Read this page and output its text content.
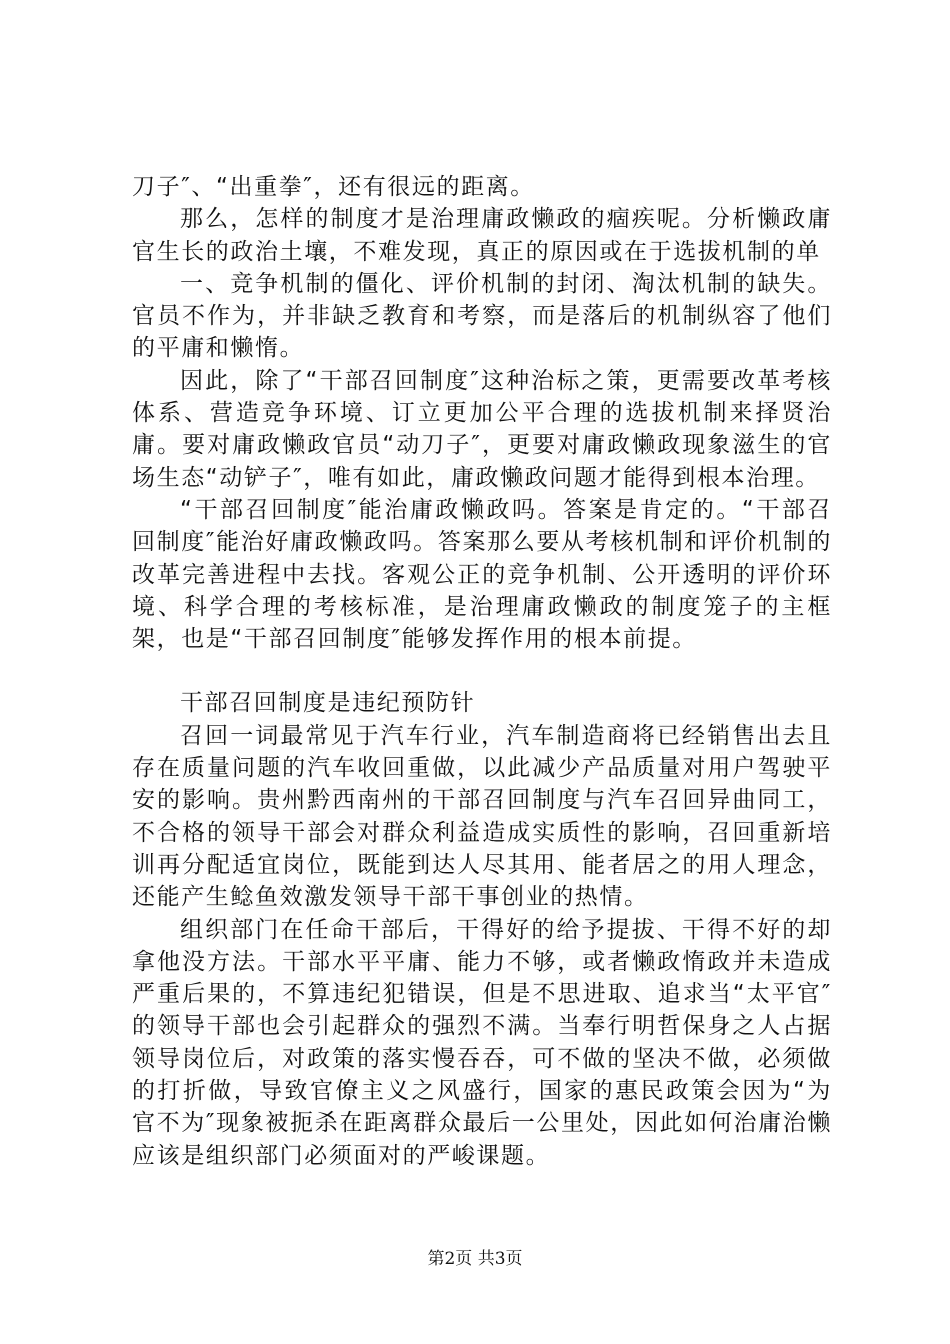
刀子″、“出重拳″，还有很远的距离。

那么，怎样的制度才是治理庸政懒政的痼疾呢。分析懒政庸官生长的政治土壤，不难发现，真正的原因或在于选拔机制的单

一、竞争机制的僵化、评价机制的封闭、淘汰机制的缺失。官员不作为，并非缺乏教育和考察，而是落后的机制纵容了他们的平庸和懒惰。

因此，除了“干部召回制度″这种治标之策，更需要改革考核体系、营造竞争环境、订立更加公平合理的选拔机制来择贤治庸。要对庸政懒政官员“动刀子″，更要对庸政懒政现象滋生的官场生态“动铲子″，唯有如此，庸政懒政问题才能得到根本治理。

“干部召回制度″能治庸政懒政吗。答案是肯定的。“干部召回制度″能治好庸政懒政吗。答案那么要从考核机制和评价机制的改革完善进程中去找。客观公正的竞争机制、公开透明的评价环境、科学合理的考核标准，是治理庸政懒政的制度笼子的主框架，也是“干部召回制度″能够发挥作用的根本前提。

干部召回制度是违纪预防针

召回一词最常见于汽车行业，汽车制造商将已经销售出去且存在质量问题的汽车收回重做，以此减少产品质量对用户驾驶平安的影响。贵州黔西南州的干部召回制度与汽车召回异曲同工，不合格的领导干部会对群众利益造成实质性的影响，召回重新培训再分配适宜岗位，既能到达人尽其用、能者居之的用人理念，还能产生鲶鱼效激发领导干部干事创业的热情。

组织部门在任命干部后，干得好的给予提拔、干得不好的却拿他没方法。干部水平平庸、能力不够，或者懒政惰政并未造成严重后果的，不算违纪犯错误，但是不思进取、追求当“太平官″的领导干部也会引起群众的强烈不满。当奉行明哲保身之人占据领导岗位后，对政策的落实慢吞吞，可不做的坚决不做，必须做的打折做，导致官僚主义之风盛行，国家的惠民政策会因为“为官不为″现象被扼杀在距离群众最后一公里处，因此如何治庸治懒应该是组织部门必须面对的严峻课题。

第2页 共3页
